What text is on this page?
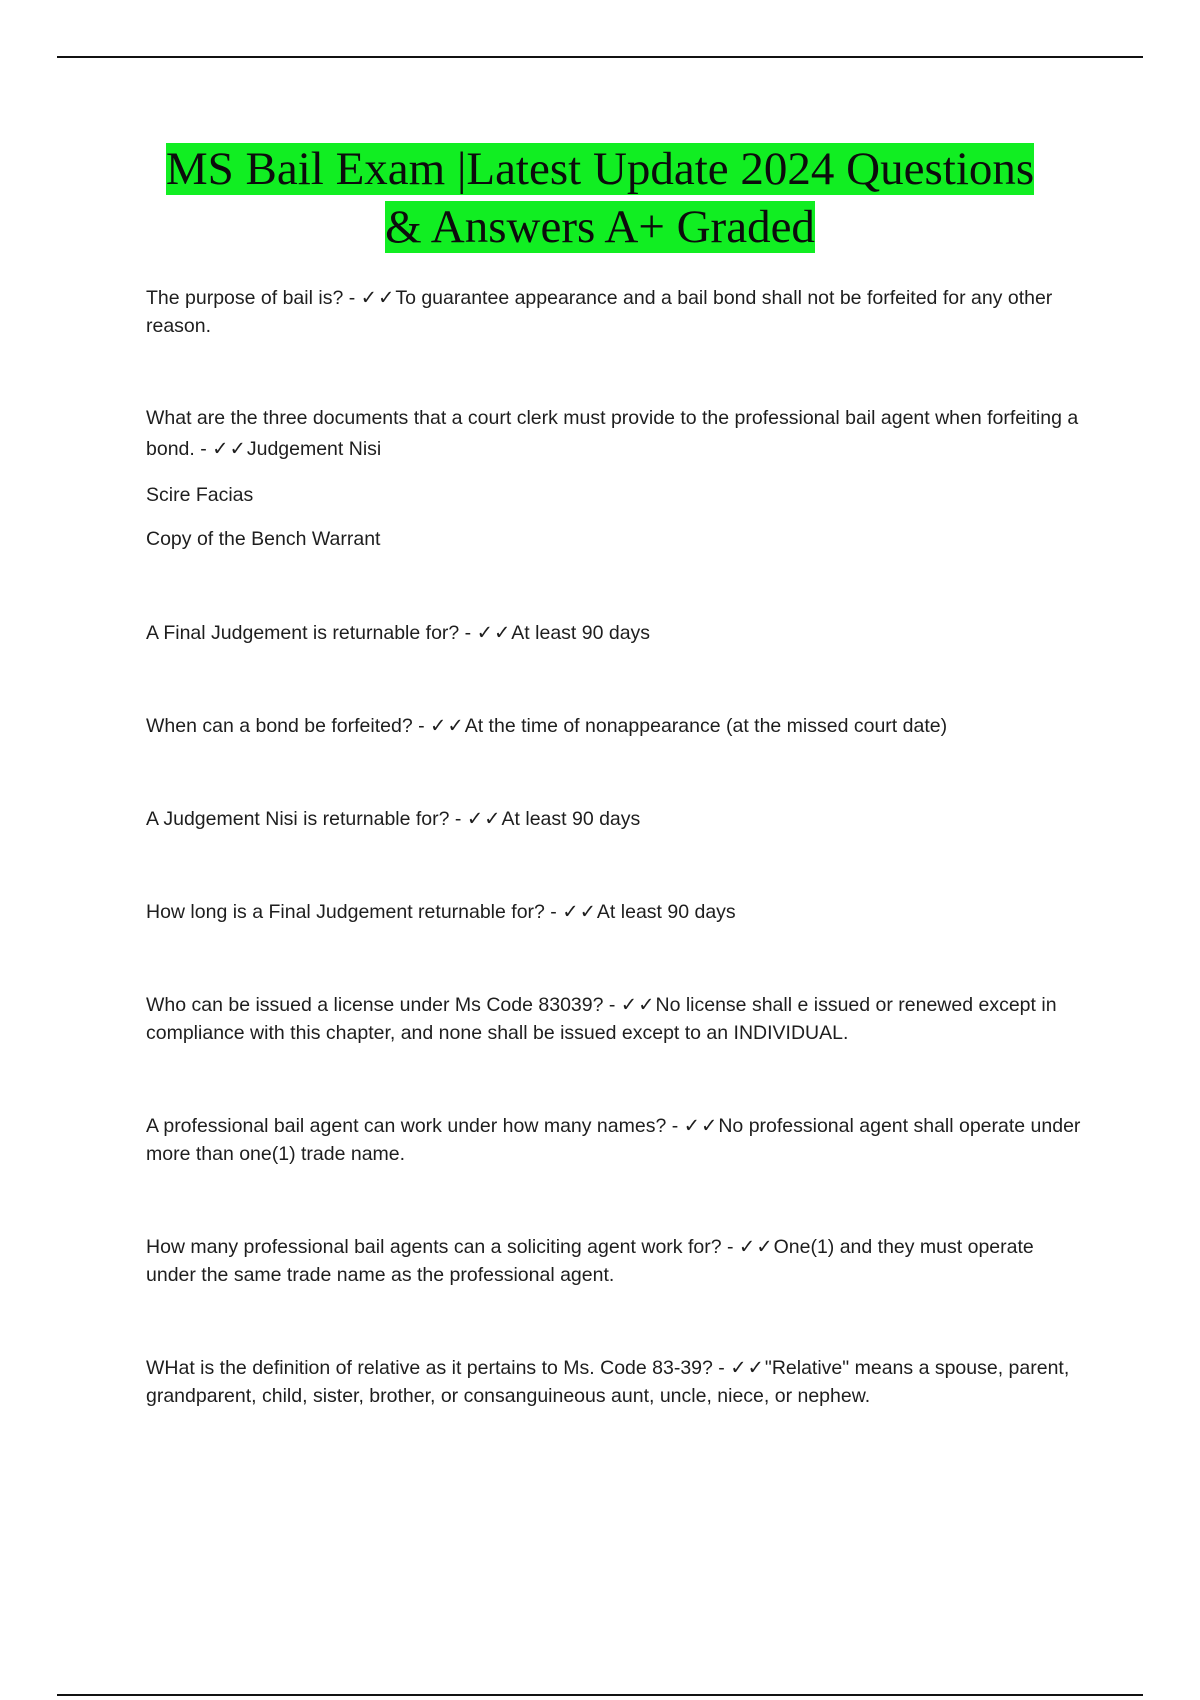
MS Bail Exam |Latest Update 2024 Questions
& Answers A+ Graded

The purpose of bail is? - ✓✓To guarantee appearance and a bail bond shall not be forfeited for any other reason.

What are the three documents that a court clerk must provide to the professional bail agent when forfeiting a bond. - ✓✓Judgement Nisi

Scire Facias

Copy of the Bench Warrant

A Final Judgement is returnable for? - ✓✓At least 90 days

When can a bond be forfeited? - ✓✓At the time of nonappearance (at the missed court date)

A Judgement Nisi is returnable for? - ✓✓At least 90 days

How long is a Final Judgement returnable for? - ✓✓At least 90 days

Who can be issued a license under Ms Code 83039? - ✓✓No license shall e issued or renewed except in compliance with this chapter, and none shall be issued except to an INDIVIDUAL.

A professional bail agent can work under how many names? - ✓✓No professional agent shall operate under more than one(1) trade name.

How many professional bail agents can a soliciting agent work for? - ✓✓One(1) and they must operate under the same trade name as the professional agent.

WHat is the definition of relative as it pertains to Ms. Code 83-39? - ✓✓"Relative" means a spouse, parent, grandparent, child, sister, brother, or consanguineous aunt, uncle, niece, or nephew.
